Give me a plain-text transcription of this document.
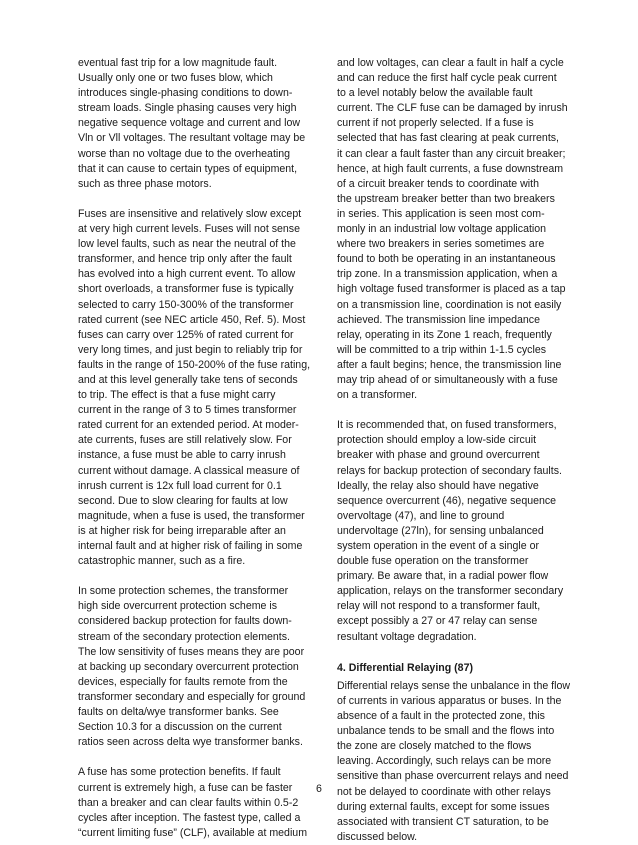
eventual fast trip for a low magnitude fault.
Usually only one or two fuses blow, which
introduces single-phasing conditions to down-
stream loads. Single phasing causes very high
negative sequence voltage and current and low
Vln or Vll voltages. The resultant voltage may be
worse than no voltage due to the overheating
that it can cause to certain types of equipment,
such as three phase motors.
Fuses are insensitive and relatively slow except
at very high current levels. Fuses will not sense
low level faults, such as near the neutral of the
transformer, and hence trip only after the fault
has evolved into a high current event. To allow
short overloads, a transformer fuse is typically
selected to carry 150-300% of the transformer
rated current (see NEC article 450, Ref. 5). Most
fuses can carry over 125% of rated current for
very long times, and just begin to reliably trip for
faults in the range of 150-200% of the fuse rating,
and at this level generally take tens of seconds
to trip. The effect is that a fuse might carry
current in the range of 3 to 5 times transformer
rated current for an extended period. At moder-
ate currents, fuses are still relatively slow. For
instance, a fuse must be able to carry inrush
current without damage. A classical measure of
inrush current is 12x full load current for 0.1
second. Due to slow clearing for faults at low
magnitude, when a fuse is used, the transformer
is at higher risk for being irreparable after an
internal fault and at higher risk of failing in some
catastrophic manner, such as a fire.
In some protection schemes, the transformer
high side overcurrent protection scheme is
considered backup protection for faults down-
stream of the secondary protection elements.
The low sensitivity of fuses means they are poor
at backing up secondary overcurrent protection
devices, especially for faults remote from the
transformer secondary and especially for ground
faults on delta/wye transformer banks. See
Section 10.3 for a discussion on the current
ratios seen across delta wye transformer banks.
A fuse has some protection benefits. If fault
current is extremely high, a fuse can be faster
than a breaker and can clear faults within 0.5-2
cycles after inception. The fastest type, called a
“current limiting fuse” (CLF), available at medium
and low voltages, can clear a fault in half a cycle
and can reduce the first half cycle peak current
to a level notably below the available fault
current. The CLF fuse can be damaged by inrush
current if not properly selected. If a fuse is
selected that has fast clearing at peak currents,
it can clear a fault faster than any circuit breaker;
hence, at high fault currents, a fuse downstream
of a circuit breaker tends to coordinate with
the upstream breaker better than two breakers
in series. This application is seen most com-
monly in an industrial low voltage application
where two breakers in series sometimes are
found to both be operating in an instantaneous
trip zone. In a transmission application, when a
high voltage fused transformer is placed as a tap
on a transmission line, coordination is not easily
achieved. The transmission line impedance
relay, operating in its Zone 1 reach, frequently
will be committed to a trip within 1-1.5 cycles
after a fault begins; hence, the transmission line
may trip ahead of or simultaneously with a fuse
on a transformer.
It is recommended that, on fused transformers,
protection should employ a low-side circuit
breaker with phase and ground overcurrent
relays for backup protection of secondary faults.
Ideally, the relay also should have negative
sequence overcurrent (46), negative sequence
overvoltage (47), and line to ground
undervoltage (27ln), for sensing unbalanced
system operation in the event of a single or
double fuse operation on the transformer
primary. Be aware that, in a radial power flow
application, relays on the transformer secondary
relay will not respond to a transformer fault,
except possibly a 27 or 47 relay can sense
resultant voltage degradation.
4. Differential Relaying (87)
Differential relays sense the unbalance in the flow
of currents in various apparatus or buses. In the
absence of a fault in the protected zone, this
unbalance tends to be small and the flows into
the zone are closely matched to the flows
leaving. Accordingly, such relays can be more
sensitive than phase overcurrent relays and need
not be delayed to coordinate with other relays
during external faults, except for some issues
associated with transient CT saturation, to be
discussed below.
6
